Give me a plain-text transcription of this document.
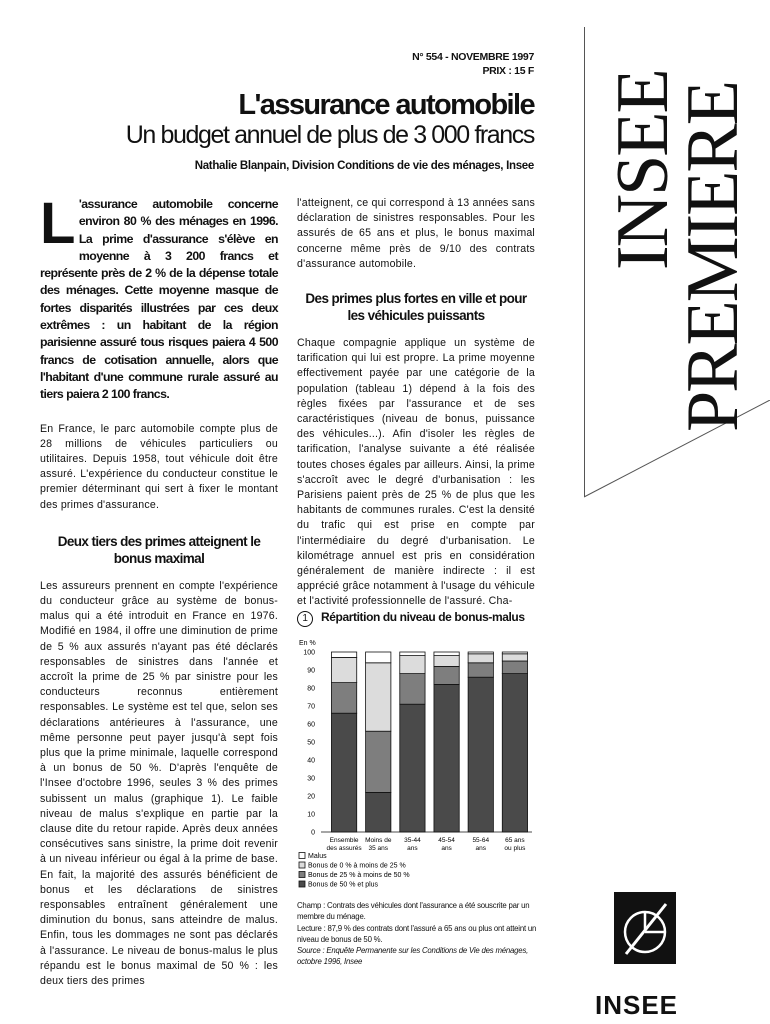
N° 554 - NOVEMBRE 1997
PRIX : 15 F
L'assurance automobile
Un budget annuel de plus de 3 000 francs
Nathalie Blanpain, Division Conditions de vie des ménages, Insee INSEE
PREMIERE

L 'assurance automobile concerne environ 80 % des ménages en 1996. La prime d'assurance s'élève en moyenne à 3 200 francs et représente près de 2 % de la dépense totale des ménages. Cette moyenne masque de fortes disparités illustrées par ces deux extrêmes : un habitant de la région parisienne assuré tous risques paiera 4 500 francs de cotisation annuelle, alors que l'habitant d'une commune rurale assuré au tiers paiera 2 100 francs.

En France, le parc automobile compte plus de 28 millions de véhicules particuliers ou utilitaires. Depuis 1958, tout véhicule doit être assuré. L'expérience du conducteur constitue le premier déterminant qui sert à fixer le montant des primes d'assurance.

Deux tiers des primes atteignent le bonus maximal

Les assureurs prennent en compte l'expérience du conducteur grâce au système de bonus-malus qui a été introduit en France en 1976. Modifié en 1984, il offre une diminution de prime de 5 % aux assurés n'ayant pas été déclarés responsables de sinistres dans l'année et accroît la prime de 25 % par sinistre pour les conducteurs reconnus entièrement responsables. Le système est tel que, selon ses déclarations antérieures à l'assurance, une même personne peut payer jusqu'à sept fois plus que la prime minimale, laquelle correspond à un bonus de 50 %. D'après l'enquête de l'Insee d'octobre 1996, seules 3 % des primes subissent un malus (graphique 1). Le faible niveau de malus s'explique en partie par la clause dite du retour rapide. Après deux années consécutives sans sinistre, la prime doit revenir à un niveau inférieur ou égal à la prime de base. En fait, la majorité des assurés bénéficient de bonus et les déclarations de sinistres responsables entraînent généralement une diminution du bonus, sans atteindre de malus. Enfin, tous les dommages ne sont pas déclarés à l'assurance. Le niveau de bonus-malus le plus répandu est le bonus maximal de 50 % : les deux tiers des primes

l'atteignent, ce qui correspond à 13 années sans déclaration de sinistres responsables. Pour les assurés de 65 ans et plus, le bonus maximal concerne même près de 9/10 des contrats d'assurance automobile.

Des primes plus fortes en ville et pour les véhicules puissants

Chaque compagnie applique un système de tarification qui lui est propre. La prime moyenne effectivement payée par une catégorie de la population (tableau 1) dépend à la fois des règles fixées par l'assurance et de ses caractéristiques (niveau de bonus, puissance des véhicules...). Afin d'isoler les règles de tarification, l'analyse suivante a été réalisée toutes choses égales par ailleurs. Ainsi, la prime s'accroît avec le degré d'urbanisation : les Parisiens paient près de 25 % de plus que les habitants de communes rurales. C'est la densité du trafic qui est prise en compte par l'intermédiaire du degré d'urbanisation. Le kilométrage annuel est pris en considération généralement de manière indirecte : il est apprécié grâce notamment à l'usage du véhicule et l'activité professionnelle de l'assuré. Cha-

1 Répartition du niveau de bonus-malus
En %
0
10
20
30
40
50
60
70
80
90
100
Ensemble
des assurés
Moins de
35 ans
35-44
ans
45-54
ans
55-64
ans
65 ans
ou plus
Malus
Bonus de 0 % à moins de 25 %
Bonus de 25 % à moins de 50 %
Bonus de 50 % et plus

Champ : Contrats des véhicules dont l'assurance a été souscrite par un membre du ménage.

Lecture : 87,9 % des contrats dont l'assuré a 65 ans ou plus ont atteint un niveau de bonus de 50 %.

Source : Enquête Permanente sur les Conditions de Vie des ménages, octobre 1996, Insee

INSEE
